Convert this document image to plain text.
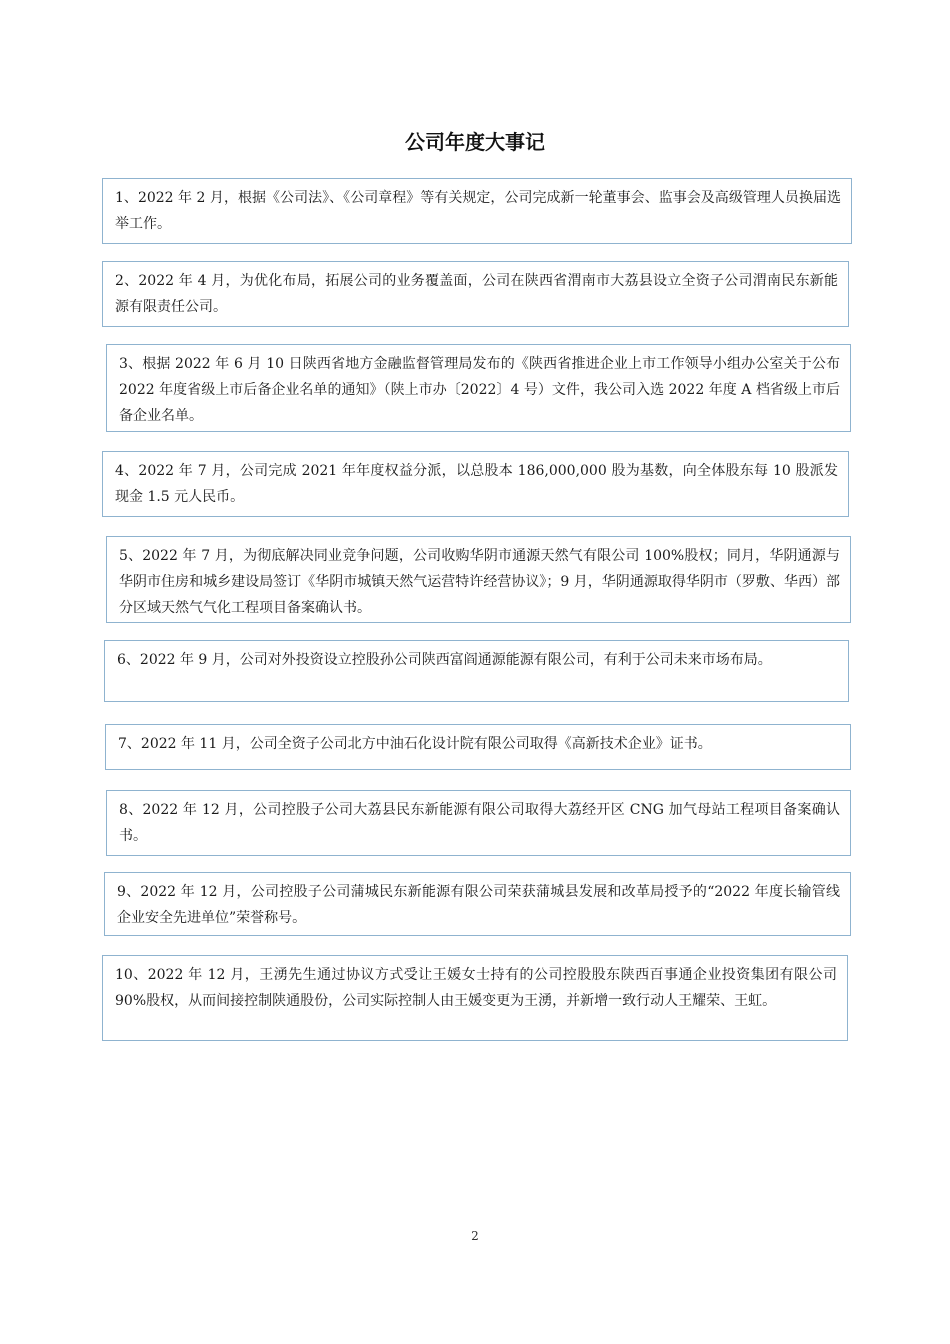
公司年度大事记
1、2022 年 2 月，根据《公司法》、《公司章程》等有关规定，公司完成新一轮董事会、监事会及高级管理人员换届选举工作。
2、2022 年 4 月，为优化布局，拓展公司的业务覆盖面，公司在陕西省渭南市大荔县设立全资子公司渭南民东新能源有限责任公司。
3、根据 2022 年 6 月 10 日陕西省地方金融监督管理局发布的《陕西省推进企业上市工作领导小组办公室关于公布 2022 年度省级上市后备企业名单的通知》（陕上市办〔2022〕4 号）文件，我公司入选 2022 年度 A 档省级上市后备企业名单。
4、2022 年 7 月，公司完成 2021 年年度权益分派，以总股本 186,000,000 股为基数，向全体股东每 10 股派发现金 1.5 元人民币。
5、2022 年 7 月，为彻底解决同业竞争问题，公司收购华阴市通源天然气有限公司 100%股权；同月，华阴通源与华阴市住房和城乡建设局签订《华阴市城镇天然气运营特许经营协议》；9 月，华阴通源取得华阴市（罗敷、华西）部分区域天然气气化工程项目备案确认书。
6、2022 年 9 月，公司对外投资设立控股孙公司陕西富阎通源能源有限公司，有利于公司未来市场布局。
7、2022 年 11 月，公司全资子公司北方中油石化设计院有限公司取得《高新技术企业》证书。
8、2022 年 12 月，公司控股子公司大荔县民东新能源有限公司取得大荔经开区 CNG 加气母站工程项目备案确认书。
9、2022 年 12 月，公司控股子公司蒲城民东新能源有限公司荣获蒲城县发展和改革局授予的“2022 年度长输管线企业安全先进单位”荣誉称号。
10、2022 年 12 月，王湧先生通过协议方式受让王媛女士持有的公司控股股东陕西百事通企业投资集团有限公司 90%股权，从而间接控制陕通股份，公司实际控制人由王媛变更为王湧，并新增一致行动人王耀荣、王虹。
2
